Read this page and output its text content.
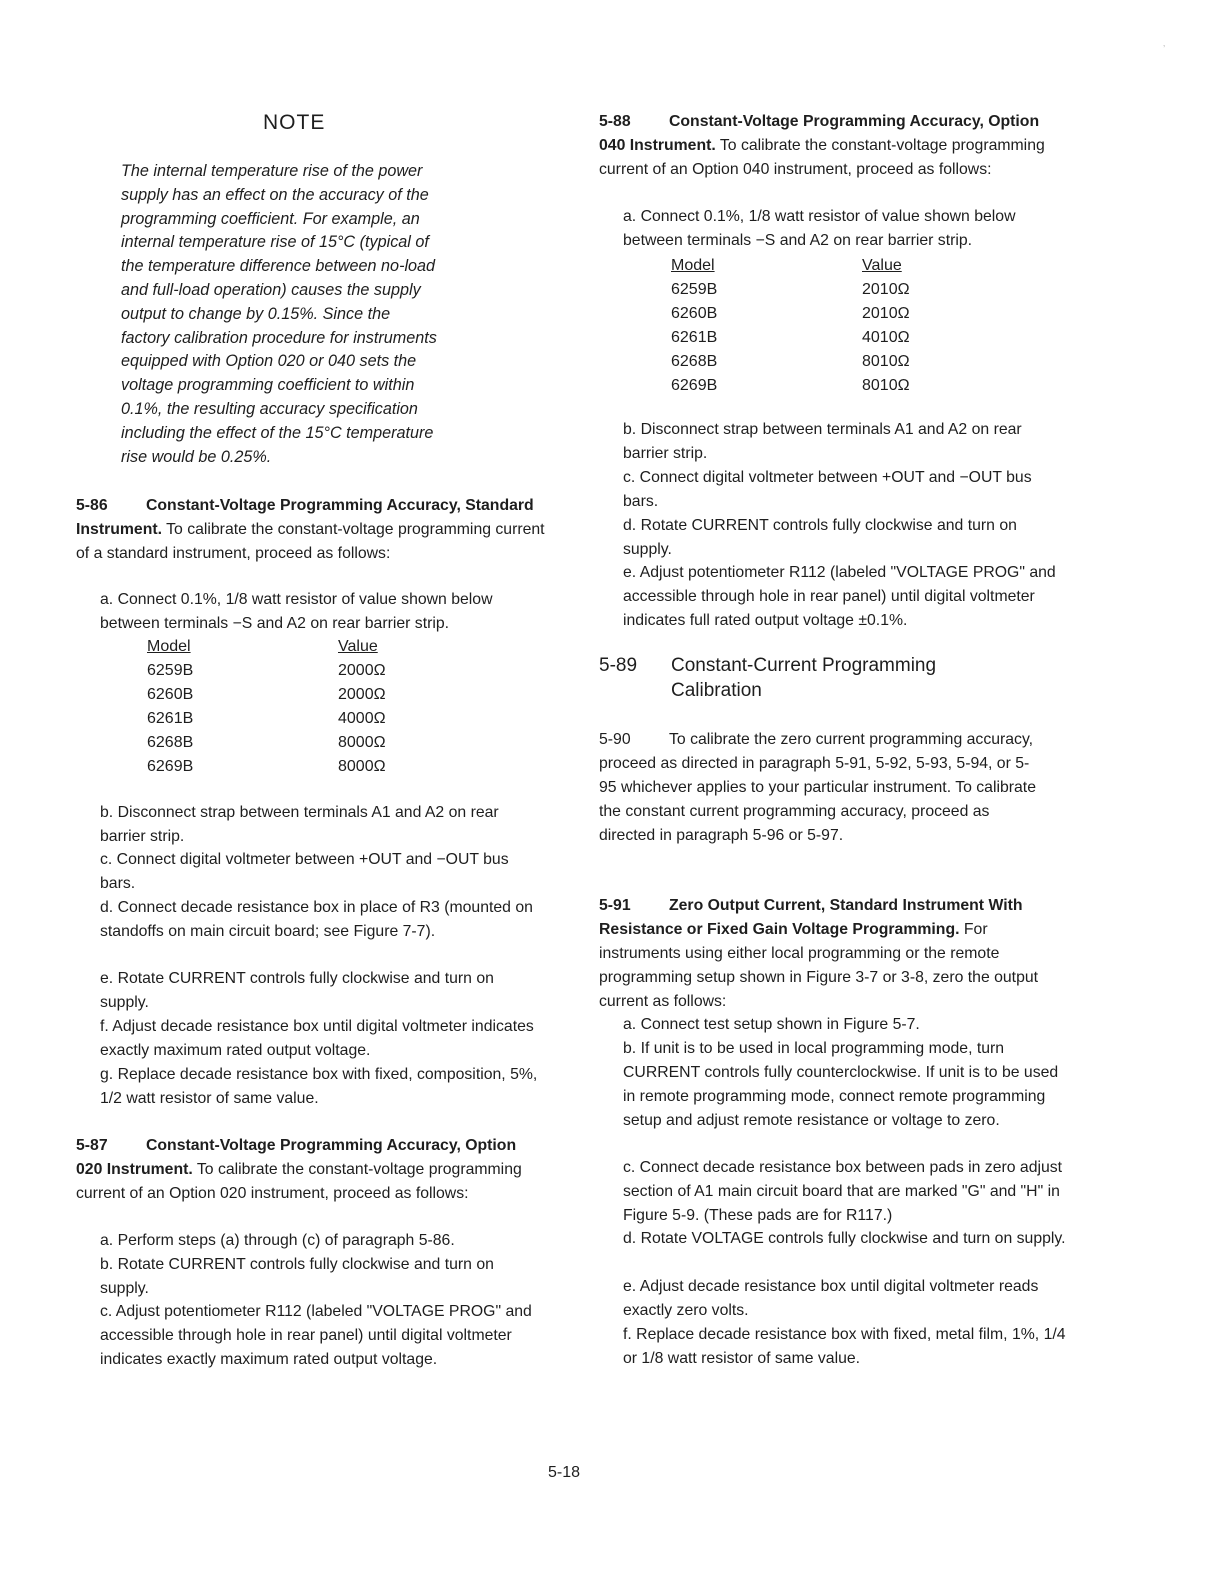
’
NOTE

The internal temperature rise of the power

supply has an effect on the accuracy of the

programming coefficient. For example, an

internal temperature rise of 15°C (typical of

the temperature difference between no-load

and full-load operation) causes the supply

output to change by 0.15%. Since the

factory calibration procedure for instruments

equipped with Option 020 or 040 sets the

voltage programming coefficient to within

0.1%, the resulting accuracy specification

including the effect of the 15°C temperature

rise would be 0.25%.

5-86 Constant-Voltage Programming Accuracy, Standard Instrument. To calibrate the constant-voltage programming current of a standard instrument, proceed as follows:

a. Connect 0.1%, 1/8 watt resistor of value shown below between terminals −S and A2 on rear barrier strip.

Model	Value
6259B	2000Ω
6260B	2000Ω
6261B	4000Ω
6268B	8000Ω
6269B	8000Ω

b. Disconnect strap between terminals A1 and A2 on rear barrier strip.

c. Connect digital voltmeter between +OUT and −OUT bus bars.

d. Connect decade resistance box in place of R3 (mounted on standoffs on main circuit board; see Figure 7-7).

e. Rotate CURRENT controls fully clockwise and turn on supply.

f. Adjust decade resistance box until digital voltmeter indicates exactly maximum rated output voltage.

g. Replace decade resistance box with fixed, composition, 5%, 1/2 watt resistor of same value.

5-87 Constant-Voltage Programming Accuracy, Option 020 Instrument. To calibrate the constant-voltage programming current of an Option 020 instrument, proceed as follows:

a. Perform steps (a) through (c) of paragraph 5-86.

b. Rotate CURRENT controls fully clockwise and turn on supply.

c. Adjust potentiometer R112 (labeled "VOLTAGE PROG" and accessible through hole in rear panel) until digital voltmeter indicates exactly maximum rated output voltage.

5-88 Constant-Voltage Programming Accuracy, Option 040 Instrument. To calibrate the constant-voltage programming current of an Option 040 instrument, proceed as follows:

a. Connect 0.1%, 1/8 watt resistor of value shown below between terminals −S and A2 on rear barrier strip.

Model	Value
6259B	2010Ω
6260B	2010Ω
6261B	4010Ω
6268B	8010Ω
6269B	8010Ω

b. Disconnect strap between terminals A1 and A2 on rear barrier strip.

c. Connect digital voltmeter between +OUT and −OUT bus bars.

d. Rotate CURRENT controls fully clockwise and turn on supply.

e. Adjust potentiometer R112 (labeled "VOLTAGE PROG" and accessible through hole in rear panel) until digital voltmeter indicates full rated output voltage ±0.1%.

5-89 Constant-Current Programming
Calibration

5-90 To calibrate the zero current programming accuracy, proceed as directed in paragraph 5-91, 5-92, 5-93, 5-94, or 5-95 whichever applies to your particular instrument. To calibrate the constant current programming accuracy, proceed as directed in paragraph 5-96 or 5-97.

5-91 Zero Output Current, Standard Instrument With Resistance or Fixed Gain Voltage Programming. For instruments using either local programming or the remote programming setup shown in Figure 3-7 or 3-8, zero the output current as follows:

a. Connect test setup shown in Figure 5-7.

b. If unit is to be used in local programming mode, turn CURRENT controls fully counterclockwise. If unit is to be used in remote programming mode, connect remote programming setup and adjust remote resistance or voltage to zero.

c. Connect decade resistance box between pads in zero adjust section of A1 main circuit board that are marked "G" and "H" in Figure 5-9. (These pads are for R117.)

d. Rotate VOLTAGE controls fully clockwise and turn on supply.

e. Adjust decade resistance box until digital voltmeter reads exactly zero volts.

f. Replace decade resistance box with fixed, metal film, 1%, 1/4 or 1/8 watt resistor of same value.

5-18
